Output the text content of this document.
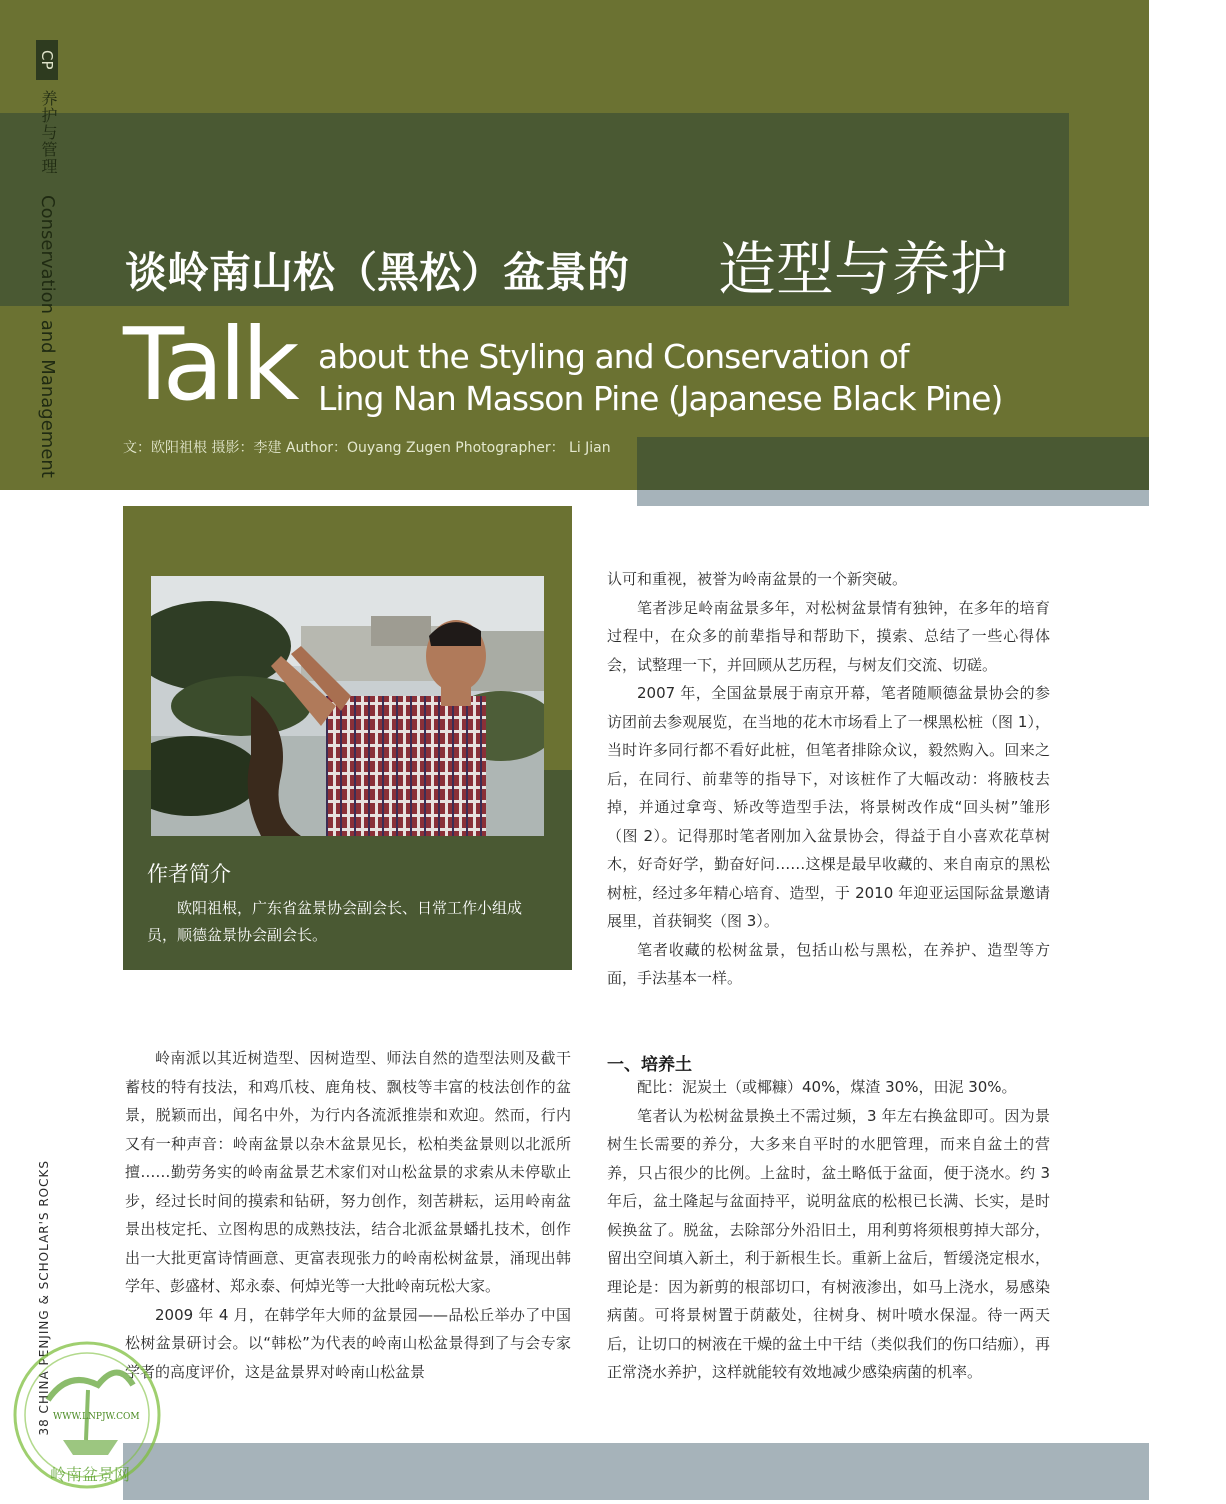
CP
养护与管理
Conservation and Management 谈岭南山松（黑松）盆景的 造型与养护
Talk about the Styling and Conservation of
Ling Nan Masson Pine (Japanese Black Pine)
文：欧阳祖根 摄影：李建 Author：Ouyang Zugen Photographer： Li Jian
作者简介
欧阳祖根，广东省盆景协会副会长、日常工作小组成员，顺德盆景协会副会长。

岭南派以其近树造型、因树造型、师法自然的造型法则及截干蓄枝的特有技法，和鸡爪枝、鹿角枝、飘枝等丰富的枝法创作的盆景，脱颖而出，闻名中外，为行内各流派推崇和欢迎。然而，行内又有一种声音：岭南盆景以杂木盆景见长，松柏类盆景则以北派所擅……勤劳务实的岭南盆景艺术家们对山松盆景的求索从未停歇止步，经过长时间的摸索和钻研，努力创作，刻苦耕耘，运用岭南盆景出枝定托、立图构思的成熟技法，结合北派盆景蟠扎技术，创作出一大批更富诗情画意、更富表现张力的岭南松树盆景，涌现出韩学年、彭盛材、郑永泰、何焯光等一大批岭南玩松大家。

2009 年 4 月，在韩学年大师的盆景园——品松丘举办了中国松树盆景研讨会。以“韩松”为代表的岭南山松盆景得到了与会专家学者的高度评价，这是盆景界对岭南山松盆景

认可和重视，被誉为岭南盆景的一个新突破。

笔者涉足岭南盆景多年，对松树盆景情有独钟，在多年的培育过程中，在众多的前辈指导和帮助下，摸索、总结了一些心得体会，试整理一下，并回顾从艺历程，与树友们交流、切磋。

2007 年，全国盆景展于南京开幕，笔者随顺德盆景协会的参访团前去参观展览，在当地的花木市场看上了一棵黑松桩（图 1），当时许多同行都不看好此桩，但笔者排除众议，毅然购入。回来之后，在同行、前辈等的指导下，对该桩作了大幅改动：将腋枝去掉，并通过拿弯、矫改等造型手法，将景树改作成“回头树”雏形（图 2）。记得那时笔者刚加入盆景协会，得益于自小喜欢花草树木，好奇好学，勤奋好问……这棵是最早收藏的、来自南京的黑松树桩，经过多年精心培育、造型，于 2010 年迎亚运国际盆景邀请展里，首获铜奖（图 3）。

笔者收藏的松树盆景，包括山松与黑松，在养护、造型等方面，手法基本一样。

一、培养土

配比：泥炭土（或椰糠）40%，煤渣 30%，田泥 30%。

笔者认为松树盆景换土不需过频，3 年左右换盆即可。因为景树生长需要的养分，大多来自平时的水肥管理，而来自盆土的营养，只占很少的比例。上盆时，盆土略低于盆面，便于浇水。约 3 年后，盆土隆起与盆面持平，说明盆底的松根已长满、长实，是时候换盆了。脱盆，去除部分外沿旧土，用利剪将须根剪掉大部分，留出空间填入新土，利于新根生长。重新上盆后，暂缓浇定根水，理论是：因为新剪的根部切口，有树液渗出，如马上浇水，易感染病菌。可将景树置于荫蔽处，往树身、树叶喷水保湿。待一两天后，让切口的树液在干燥的盆土中干结（类似我们的伤口结痂），再正常浇水养护，这样就能较有效地减少感染病菌的机率。

38 CHINA PENJING & SCHOLAR'S ROCKS
WWW.LNPJW.COM
岭南盆景网
